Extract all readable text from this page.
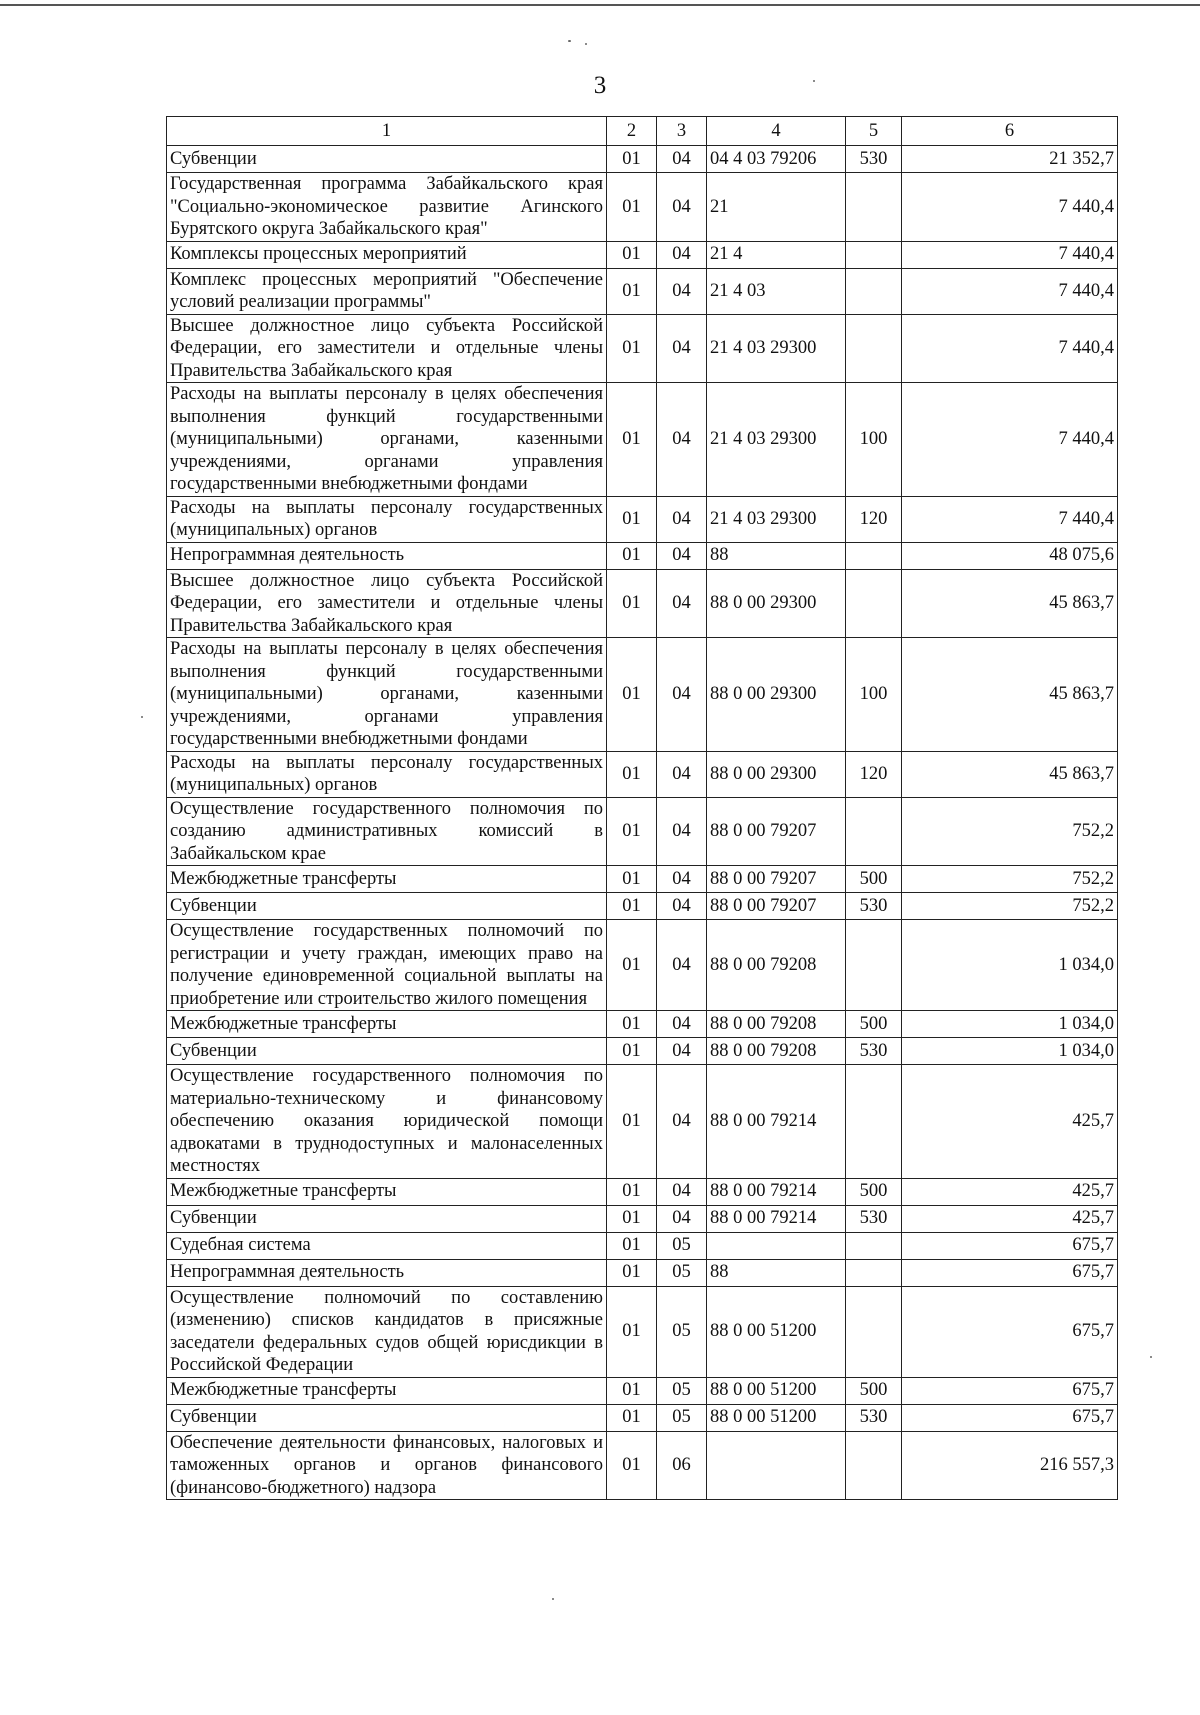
3
1	2	3	4	5	6
Субвенции	01	04	04 4 03 79206	530	21 352,7
Государственная программа Забайкальского края "Социально-экономическое развитие Агинского Бурятского округа Забайкальского края"	01	04	21		7 440,4
Комплексы процессных мероприятий	01	04	21 4		7 440,4
Комплекс процессных мероприятий "Обеспечение условий реализации программы"	01	04	21 4 03		7 440,4
Высшее должностное лицо субъекта Российской Федерации, его заместители и отдельные члены Правительства Забайкальского края	01	04	21 4 03 29300		7 440,4
Расходы на выплаты персоналу в целях обеспечения выполнения функций государственными (муниципальными) органами, казенными учреждениями, органами управления государственными внебюджетными фондами	01	04	21 4 03 29300	100	7 440,4
Расходы на выплаты персоналу государственных (муниципальных) органов	01	04	21 4 03 29300	120	7 440,4
Непрограммная деятельность	01	04	88		48 075,6
Высшее должностное лицо субъекта Российской Федерации, его заместители и отдельные члены Правительства Забайкальского края	01	04	88 0 00 29300		45 863,7
Расходы на выплаты персоналу в целях обеспечения выполнения функций государственными (муниципальными) органами, казенными учреждениями, органами управления государственными внебюджетными фондами	01	04	88 0 00 29300	100	45 863,7
Расходы на выплаты персоналу государственных (муниципальных) органов	01	04	88 0 00 29300	120	45 863,7
Осуществление государственного полномочия по созданию административных комиссий в Забайкальском крае	01	04	88 0 00 79207		752,2
Межбюджетные трансферты	01	04	88 0 00 79207	500	752,2
Субвенции	01	04	88 0 00 79207	530	752,2
Осуществление государственных полномочий по регистрации и учету граждан, имеющих право на получение единовременной социальной выплаты на приобретение или строительство жилого помещения	01	04	88 0 00 79208		1 034,0
Межбюджетные трансферты	01	04	88 0 00 79208	500	1 034,0
Субвенции	01	04	88 0 00 79208	530	1 034,0
Осуществление государственного полномочия по материально-техническому и финансовому обеспечению оказания юридической помощи адвокатами в труднодоступных и малонаселенных местностях	01	04	88 0 00 79214		425,7
Межбюджетные трансферты	01	04	88 0 00 79214	500	425,7
Субвенции	01	04	88 0 00 79214	530	425,7
Судебная система	01	05			675,7
Непрограммная деятельность	01	05	88		675,7
Осуществление полномочий по составлению (изменению) списков кандидатов в присяжные заседатели федеральных судов общей юрисдикции в Российской Федерации	01	05	88 0 00 51200		675,7
Межбюджетные трансферты	01	05	88 0 00 51200	500	675,7
Субвенции	01	05	88 0 00 51200	530	675,7
Обеспечение деятельности финансовых, налоговых и таможенных органов и органов финансового (финансово-бюджетного) надзора	01	06			216 557,3
